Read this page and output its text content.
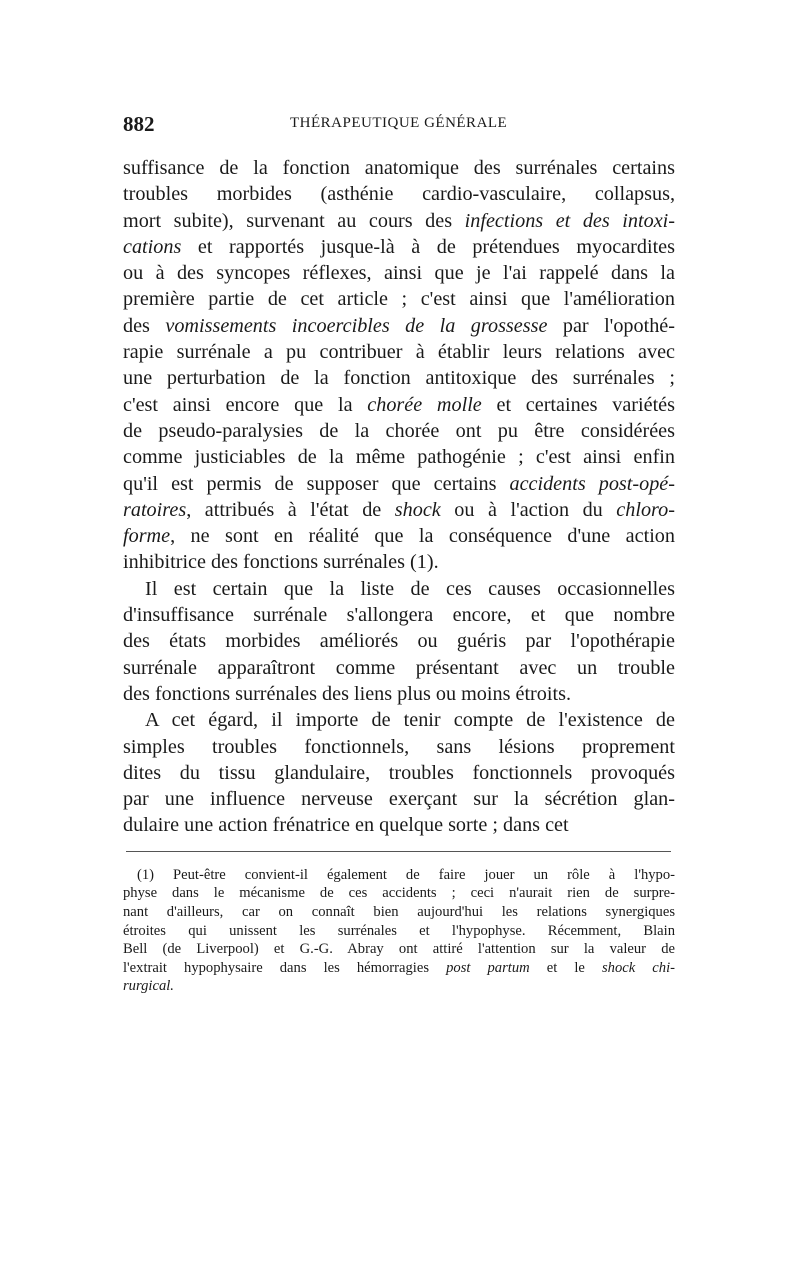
882	THÉRAPEUTIQUE GÉNÉRALE
suffisance de la fonction anatomique des surrénales certains
troubles morbides (asthénie cardio-vasculaire, collapsus,
mort subite), survenant au cours des infections et des intoxi-
cations et rapportés jusque-là à de prétendues myocardites
ou à des syncopes réflexes, ainsi que je l'ai rappelé dans la
première partie de cet article ; c'est ainsi que l'amélioration
des vomissements incoercibles de la grossesse par l'opothé-
rapie surrénale a pu contribuer à établir leurs relations avec
une perturbation de la fonction antitoxique des surrénales ;
c'est ainsi encore que la chorée molle et certaines variétés
de pseudo-paralysies de la chorée ont pu être considérées
comme justiciables de la même pathogénie ; c'est ainsi enfin
qu'il est permis de supposer que certains accidents post-opé-
ratoires, attribués à l'état de shock ou à l'action du chloro-
forme, ne sont en réalité que la conséquence d'une action
inhibitrice des fonctions surrénales (1).
Il est certain que la liste de ces causes occasionnelles
d'insuffisance surrénale s'allongera encore, et que nombre
des états morbides améliorés ou guéris par l'opothérapie
surrénale apparaîtront comme présentant avec un trouble
des fonctions surrénales des liens plus ou moins étroits.
A cet égard, il importe de tenir compte de l'existence de
simples troubles fonctionnels, sans lésions proprement
dites du tissu glandulaire, troubles fonctionnels provoqués
par une influence nerveuse exerçant sur la sécrétion glan-
dulaire une action frénatrice en quelque sorte ; dans cet
(1) Peut-être convient-il également de faire jouer un rôle à l'hypo-
physe dans le mécanisme de ces accidents ; ceci n'aurait rien de surpre-
nant d'ailleurs, car on connaît bien aujourd'hui les relations synergiques
étroites qui unissent les surrénales et l'hypophyse. Récemment, Blain
Bell (de Liverpool) et G.-G. Abray ont attiré l'attention sur la valeur de
l'extrait hypophysaire dans les hémorragies post partum et le shock chi-
rurgical.
